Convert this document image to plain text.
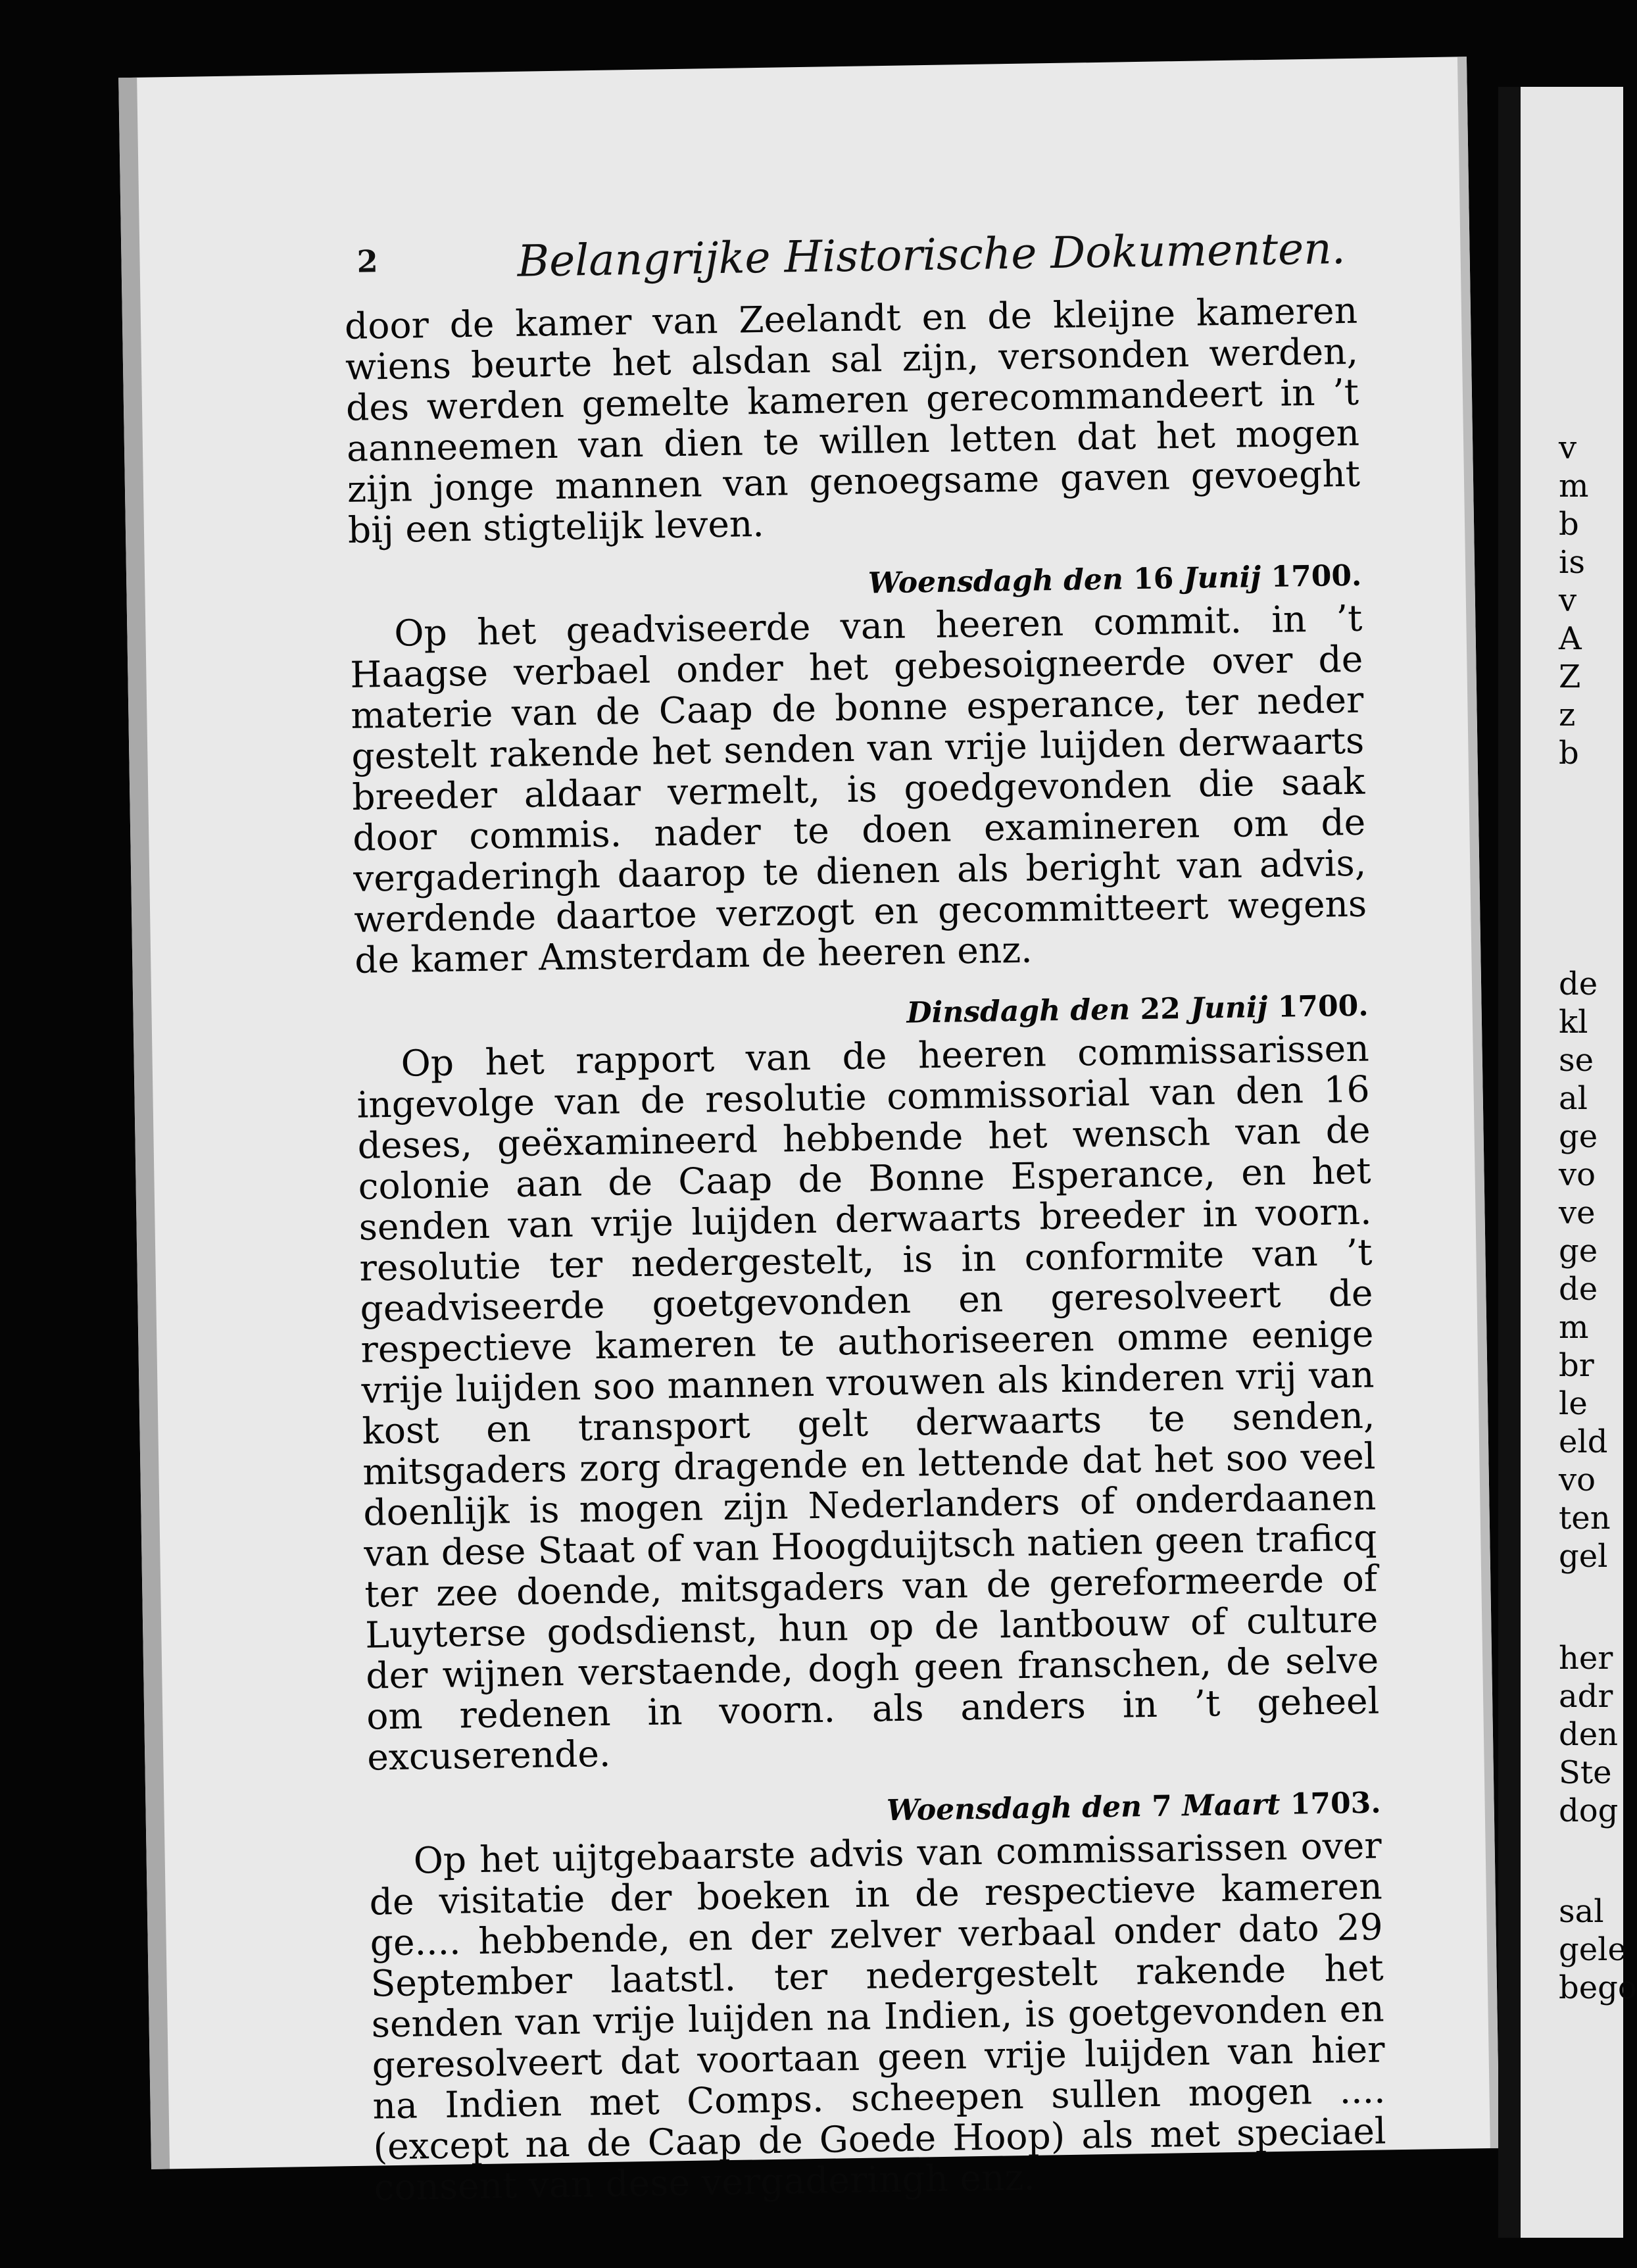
2	Belangrijke Historische Dokumenten.

door de kamer van Zeelandt en de kleijne kameren wiens beurte het alsdan sal zijn, versonden werden, des werden gemelte kameren gerecommandeert in ’t aanneemen van dien te willen letten dat het mogen zijn jonge mannen van genoegsame gaven gevoeght bij een stigtelijk leven.

Woensdagh den 16 Junij 1700.

Op het geadviseerde van heeren commit. in ’t Haagse verbael onder het gebesoigneerde over de materie van de Caap de bonne esperance, ter neder gestelt rakende het senden van vrije luijden derwaarts breeder aldaar vermelt, is goedgevonden die saak door commis. nader te doen examineren om de vergaderingh daarop te dienen als beright van advis, werdende daartoe verzogt en gecommitteert wegens de kamer Amsterdam de heeren enz.

Dinsdagh den 22 Junij 1700.

Op het rapport van de heeren commissarissen ingevolge van de resolutie commissorial van den 16 deses, geëxamineerd hebbende het wensch van de colonie aan de Caap de Bonne Esperance, en het senden van vrije luijden derwaarts breeder in voorn. resolutie ter nedergestelt, is in conformite van ’t geadviseerde goetgevonden en geresolveert de respectieve kameren te authoriseeren omme eenige vrije luijden soo mannen vrouwen als kinderen vrij van kost en transport gelt derwaarts te senden, mitsgaders zorg dragende en lettende dat het soo veel doenlijk is mogen zijn Nederlanders of onderdaanen van dese Staat of van Hoogduijtsch natien geen traficq ter zee doende, mitsgaders van de gereformeerde of Luyterse godsdienst, hun op de lantbouw of culture der wijnen verstaende, dogh geen franschen, de selve om redenen in voorn. als anders in ’t geheel excuserende.

Woensdagh den 7 Maart 1703.

Op het uijtgebaarste advis van commissarissen over de visitatie der boeken in de respectieve kameren ge.... hebbende, en der zelver verbaal onder dato 29 September laatstl. ter nedergestelt rakende het senden van vrije luijden na Indien, is goetgevonden en geresolveert dat voortaan geen vrije luijden van hier na Indien met Comps. scheepen sullen mogen .... (except na de Caap de Goede Hoop) als met speciael consent van dese vergaderingh enz.

v
m
b
is
v
A
Z
z
b
de
kl
se
al
ge
vo
ve
ge
de
m
br
le
eld
vo
ten
gel
her
adr
den
Ste
dog
sal
gele
bego
